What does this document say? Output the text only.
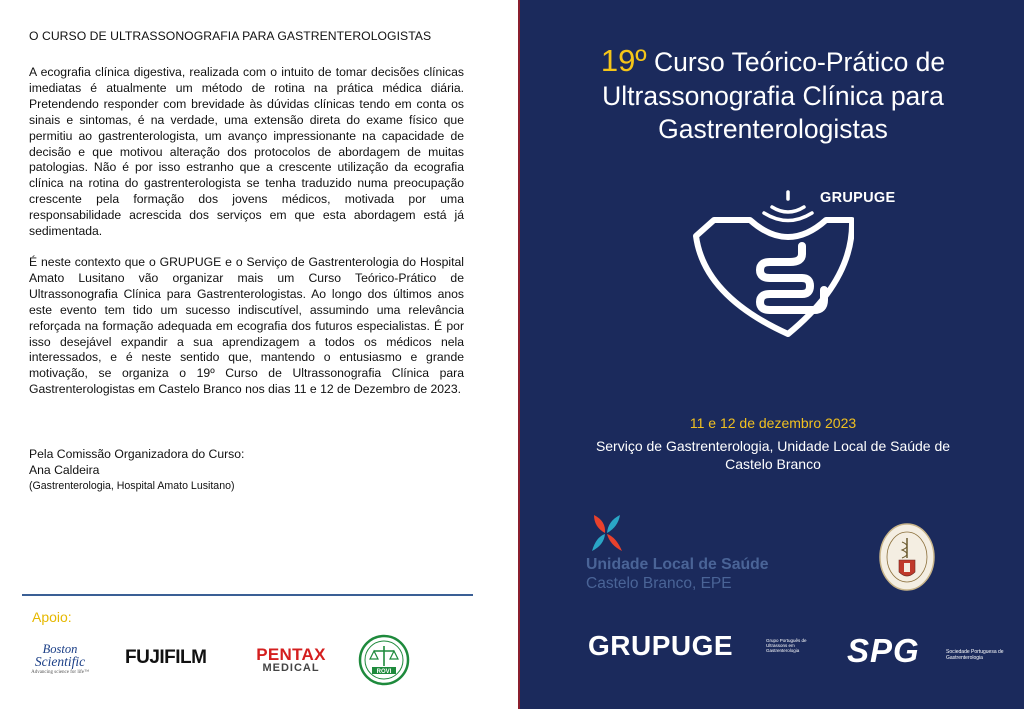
O CURSO DE ULTRASSONOGRAFIA PARA GASTRENTEROLOGISTAS

A ecografia clínica digestiva, realizada com o intuito de tomar decisões clínicas imediatas é atualmente um método de rotina na prática médica diária. Pretendendo responder com brevidade às dúvidas clínicas tendo em conta os sinais e sintomas, é na verdade, uma extensão direta do exame físico que permitiu ao gastrenterologista, um avanço impressionante na capacidade de decisão e que motivou alteração dos protocolos de abordagem de muitas patologias. Não é por isso estranho que a crescente utilização da ecografia clínica na rotina do gastrenterologista se tenha traduzido numa preocupação crescente pela formação dos jovens médicos, motivada por uma responsabilidade acrescida dos serviços em que esta abordagem está já sedimentada.

É neste contexto que o GRUPUGE e o Serviço de Gastrenterologia do Hospital Amato Lusitano vão organizar mais um Curso Teórico-Prático de Ultrassonografia Clínica para Gastrenterologistas. Ao longo dos últimos anos este evento tem tido um sucesso indiscutível, assumindo uma relevância reforçada na formação adequada em ecografia dos futuros especialistas. É por isso desejável expandir a sua aprendizagem a todos os médicos nela interessados, e é neste sentido que, mantendo o entusiasmo e grande motivação, se organiza o 19º Curso de Ultrassonografia Clínica para Gastrenterologistas em Castelo Branco nos dias 11 e 12 de Dezembro de 2023.

Pela Comissão Organizadora do Curso:
Ana Caldeira
(Gastrenterologia, Hospital Amato Lusitano)
Apoio:
Boston
Scientific
Advancing science for life™
FUJIFILM	PENTAX
MEDICAL	ROVI
19º Curso Teórico-Prático de
Ultrassonografia Clínica para
Gastrenterologistas
GRUPUGE
11 e 12 de dezembro 2023
Serviço de Gastrenterologia, Unidade Local de Saúde de
Castelo Branco
Unidade Local de Saúde
Castelo Branco, EPE
GRUPUGE	Grupo Português de Ultrassons em Gastrenterologia	SPG	Sociedade Portuguesa de Gastrenterologia
